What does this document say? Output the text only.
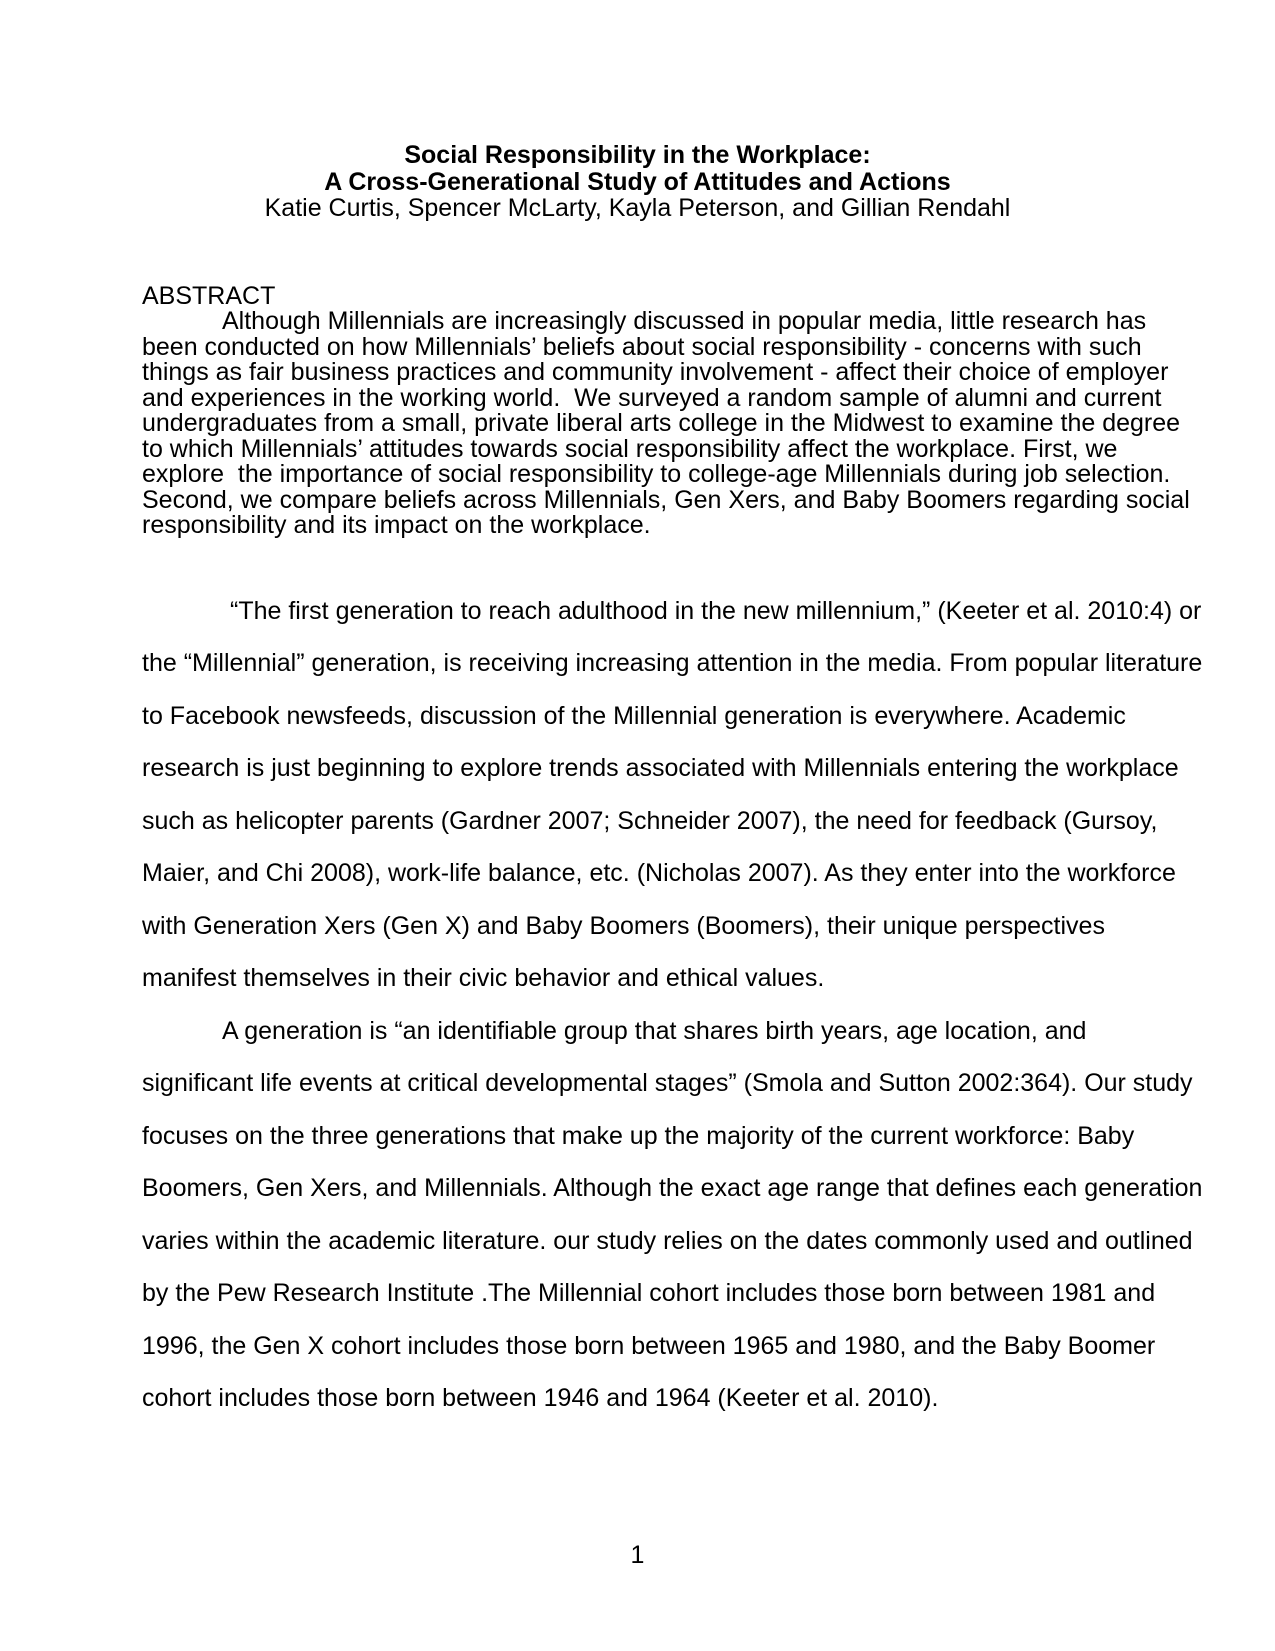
Social Responsibility in the Workplace:
A Cross-Generational Study of Attitudes and Actions
Katie Curtis, Spencer McLarty, Kayla Peterson, and Gillian Rendahl
ABSTRACT
Although Millennials are increasingly discussed in popular media, little research has
been conducted on how Millennials’ beliefs about social responsibility - concerns with such
things as fair business practices and community involvement - affect their choice of employer
and experiences in the working world.  We surveyed a random sample of alumni and current
undergraduates from a small, private liberal arts college in the Midwest to examine the degree
to which Millennials’ attitudes towards social responsibility affect the workplace. First, we
explore  the importance of social responsibility to college-age Millennials during job selection.
Second, we compare beliefs across Millennials, Gen Xers, and Baby Boomers regarding social
responsibility and its impact on the workplace.

“The first generation to reach adulthood in the new millennium,” (Keeter et al. 2010:4) or
the “Millennial” generation, is receiving increasing attention in the media. From popular literature
to Facebook newsfeeds, discussion of the Millennial generation is everywhere. Academic
research is just beginning to explore trends associated with Millennials entering the workplace
such as helicopter parents (Gardner 2007; Schneider 2007), the need for feedback (Gursoy,
Maier, and Chi 2008), work-life balance, etc. (Nicholas 2007). As they enter into the workforce
with Generation Xers (Gen X) and Baby Boomers (Boomers), their unique perspectives
manifest themselves in their civic behavior and ethical values.

A generation is “an identifiable group that shares birth years, age location, and
significant life events at critical developmental stages” (Smola and Sutton 2002:364). Our study
focuses on the three generations that make up the majority of the current workforce: Baby
Boomers, Gen Xers, and Millennials. Although the exact age range that defines each generation
varies within the academic literature. our study relies on the dates commonly used and outlined
by the Pew Research Institute .The Millennial cohort includes those born between 1981 and
1996, the Gen X cohort includes those born between 1965 and 1980, and the Baby Boomer
cohort includes those born between 1946 and 1964 (Keeter et al. 2010).

1
